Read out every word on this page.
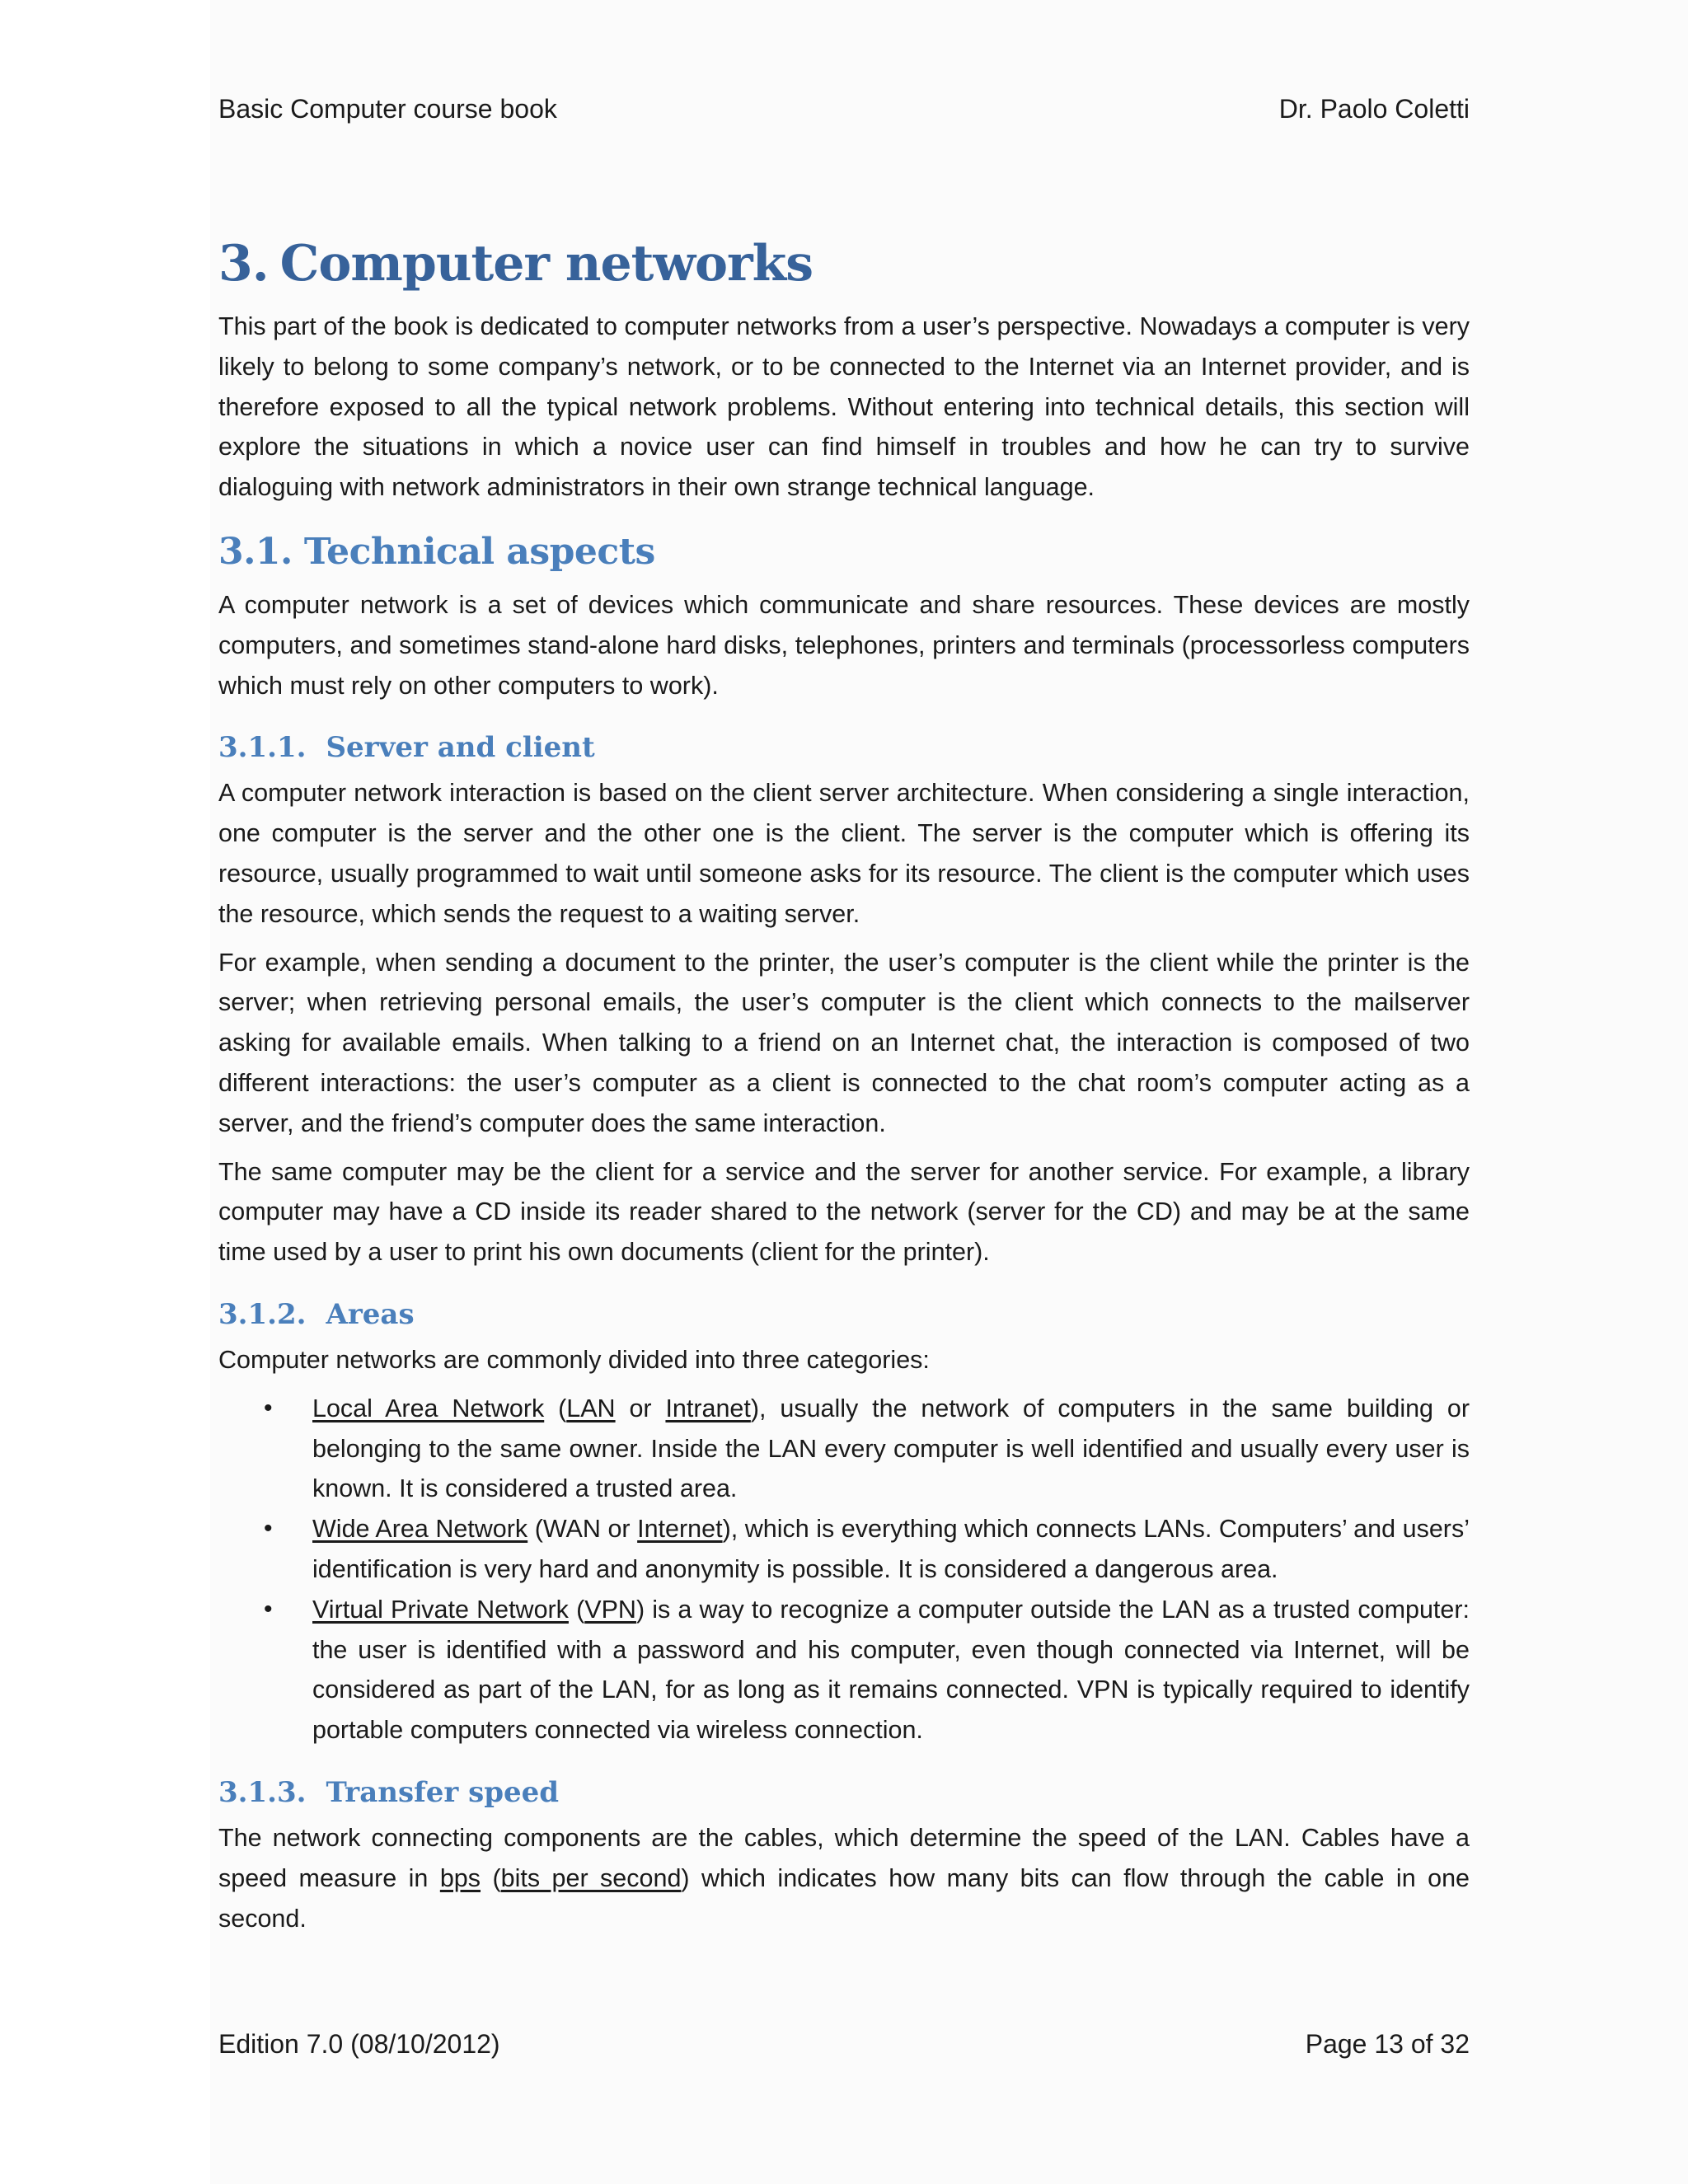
Basic Computer course book	Dr. Paolo Coletti
3. Computer networks

This part of the book is dedicated to computer networks from a user’s perspective. Nowadays a computer is very likely to belong to some company’s network, or to be connected to the Internet via an Internet provider, and is therefore exposed to all the typical network problems. Without entering into technical details, this section will explore the situations in which a novice user can find himself in troubles and how he can try to survive dialoguing with network administrators in their own strange technical language.

3.1. Technical aspects

A computer network is a set of devices which communicate and share resources. These devices are mostly computers, and sometimes stand-alone hard disks, telephones, printers and terminals (processorless computers which must rely on other computers to work).

3.1.1. Server and client

A computer network interaction is based on the client server architecture. When considering a single interaction, one computer is the server and the other one is the client. The server is the computer which is offering its resource, usually programmed to wait until someone asks for its resource. The client is the computer which uses the resource, which sends the request to a waiting server.

For example, when sending a document to the printer, the user’s computer is the client while the printer is the server; when retrieving personal emails, the user’s computer is the client which connects to the mailserver asking for available emails. When talking to a friend on an Internet chat, the interaction is composed of two different interactions: the user’s computer as a client is connected to the chat room’s computer acting as a server, and the friend’s computer does the same interaction.

The same computer may be the client for a service and the server for another service. For example, a library computer may have a CD inside its reader shared to the network (server for the CD) and may be at the same time used by a user to print his own documents (client for the printer).

3.1.2. Areas

Computer networks are commonly divided into three categories:

• Local Area Network (LAN or Intranet), usually the network of computers in the same building or belonging to the same owner. Inside the LAN every computer is well identified and usually every user is known. It is considered a trusted area.
• Wide Area Network (WAN or Internet), which is everything which connects LANs. Computers’ and users’ identification is very hard and anonymity is possible. It is considered a dangerous area.
• Virtual Private Network (VPN) is a way to recognize a computer outside the LAN as a trusted computer: the user is identified with a password and his computer, even though connected via Internet, will be considered as part of the LAN, for as long as it remains connected. VPN is typically required to identify portable computers connected via wireless connection.
3.1.3. Transfer speed

The network connecting components are the cables, which determine the speed of the LAN. Cables have a speed measure in bps (bits per second) which indicates how many bits can flow through the cable in one second.

Edition 7.0 (08/10/2012)	Page 13 of 32
